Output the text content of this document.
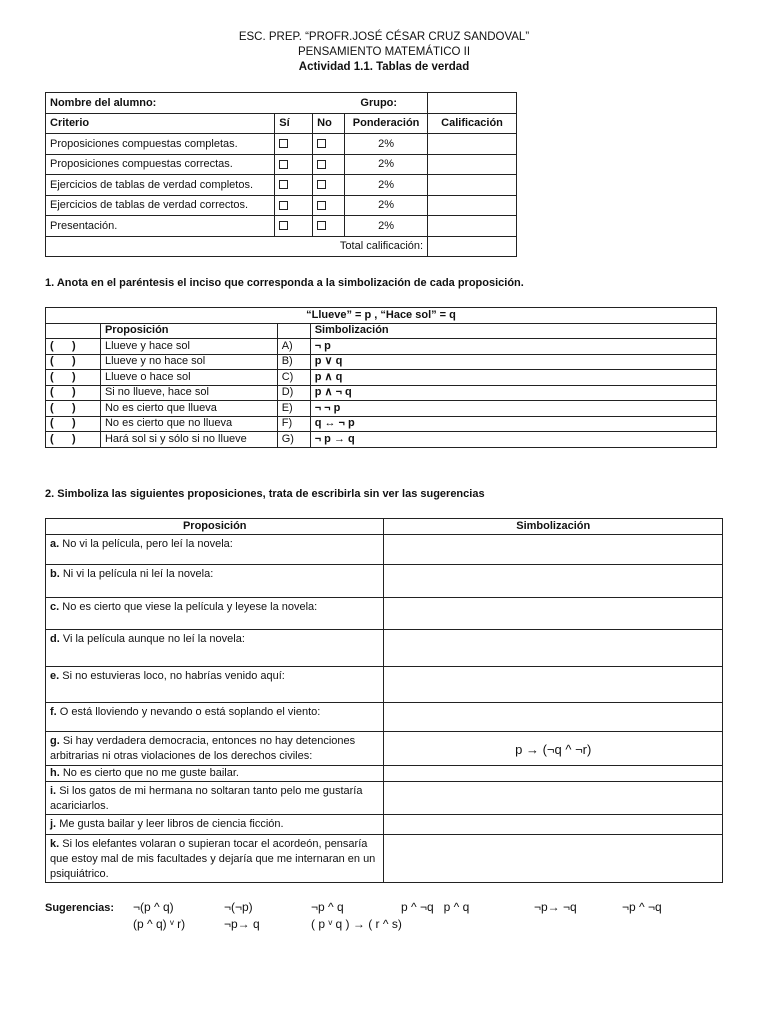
ESC. PREP. “PROFR.JOSÉ CÉSAR CRUZ SANDOVAL”
PENSAMIENTO MATEMÁTICO II
Actividad 1.1. Tablas de verdad
Nombre del alumno: Grupo:				

Criterio	Sí	No	Ponderación	Calificación
Proposiciones compuestas completas.			2%	
Proposiciones compuestas correctas.			2%	
Ejercicios de tablas de verdad completos.			2%	
Ejercicios de tablas de verdad correctos.			2%	
Presentación.			2%	
Total calificación:				
1. Anota en el paréntesis el inciso que corresponda a la simbolización de cada proposición.
“Llueve” = p , “Hace sol” = q			
	Proposición		Simbolización
(      )	Llueve y hace sol	A)	¬ p
(      )	Llueve y no hace sol	B)	p ∨ q
(      )	Llueve o hace sol	C)	p ∧ q
(      )	Si no llueve, hace sol	D)	p ∧ ¬ q
(      )	No es cierto que llueva	E)	¬ ¬ p
(      )	No es cierto que no llueva	F)	q ↔ ¬ p
(      )	Hará sol si y sólo si no llueve	G)	¬ p → q
2. Simboliza las siguientes proposiciones, trata de escribirla sin ver las sugerencias
Proposición	Simbolización
a. No vi la película, pero leí la novela:	
b. Ni vi la película ni leí la novela:	
c. No es cierto que viese la película y leyese la novela:	
d. Vi la película aunque no leí la novela:	
e. Si no estuvieras loco, no habrías venido aquí:	
f. O está lloviendo y nevando o está soplando el viento:	
g. Si hay verdadera democracia, entonces no hay detenciones arbitrarias ni otras violaciones de los derechos civiles:	p → (¬q ^ ¬r)
h. No es cierto que no me guste bailar.	
i. Si los gatos de mi hermana no soltaran tanto pelo me gustaría acariciarlos.	
j. Me gusta bailar y leer libros de ciencia ficción.	
k. Si los elefantes volaran o supieran tocar el acordeón, pensaría que estoy mal de mis facultades y dejaría que me internaran en un psiquiátrico.	
Sugerencias: ¬(p ^ q)	¬(¬p)	¬p ^ q	p ^ ¬q   p ^ q	¬p→ ¬q	¬p ^ ¬q
(p ^ q) ᵛ r)	¬p→ q	( p ᵛ q ) → ( r ^ s)
